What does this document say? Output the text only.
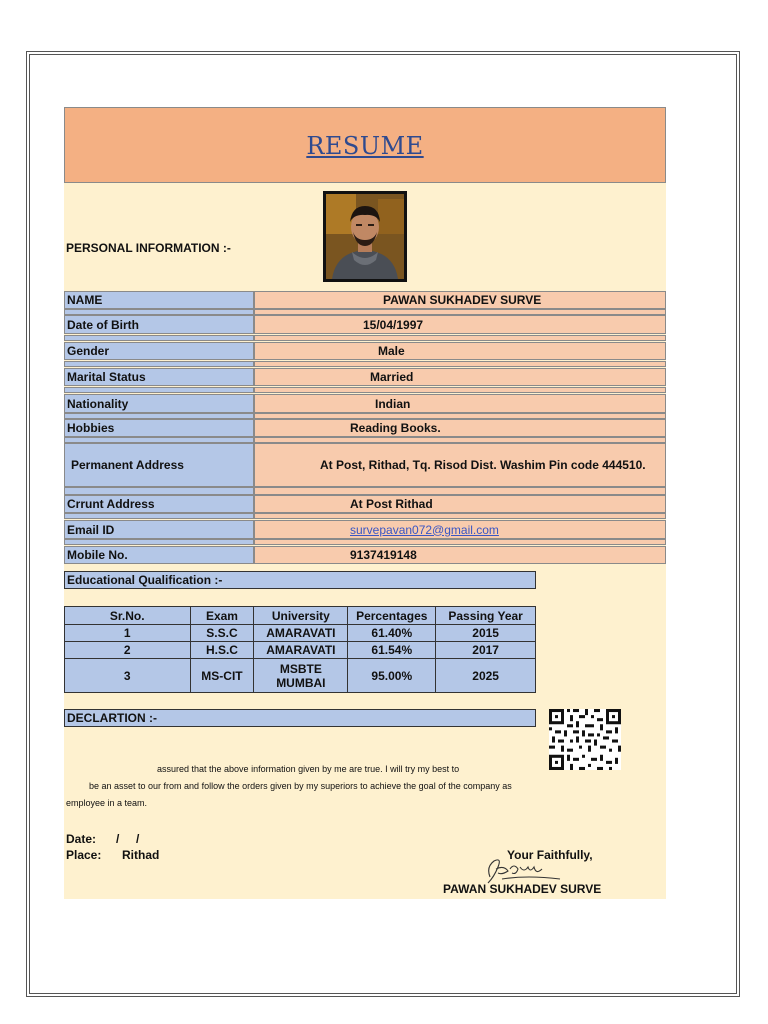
RESUME
PERSONAL INFORMATION :-
NAME	PAWAN SUKHADEV SURVE
Date of Birth	15/04/1997
Gender	Male
Marital Status	Married
Nationality	Indian
Hobbies	Reading Books.
Permanent Address	At Post, Rithad, Tq. Risod Dist. Washim Pin code 444510.
Crrunt Address	At Post Rithad
Email ID	survepavan072@gmail.com
Mobile No.	9137419148
Educational Qualification :-
Sr.No.	Exam	University	Percentages	Passing Year
1	S.S.C	AMARAVATI	61.40%	2015
2	H.S.C	AMARAVATI	61.54%	2017
3	MS-CIT	MSBTE MUMBAI	95.00%	2025
DECLARTION :-
assured that the above information given by me are true. I will try my best to
be an asset to our from and follow the orders given by my superiors to achieve the goal of the company as
employee in a team.
Date: /     /
Place: Rithad	Your Faithfully,
PAWAN SUKHADEV SURVE
